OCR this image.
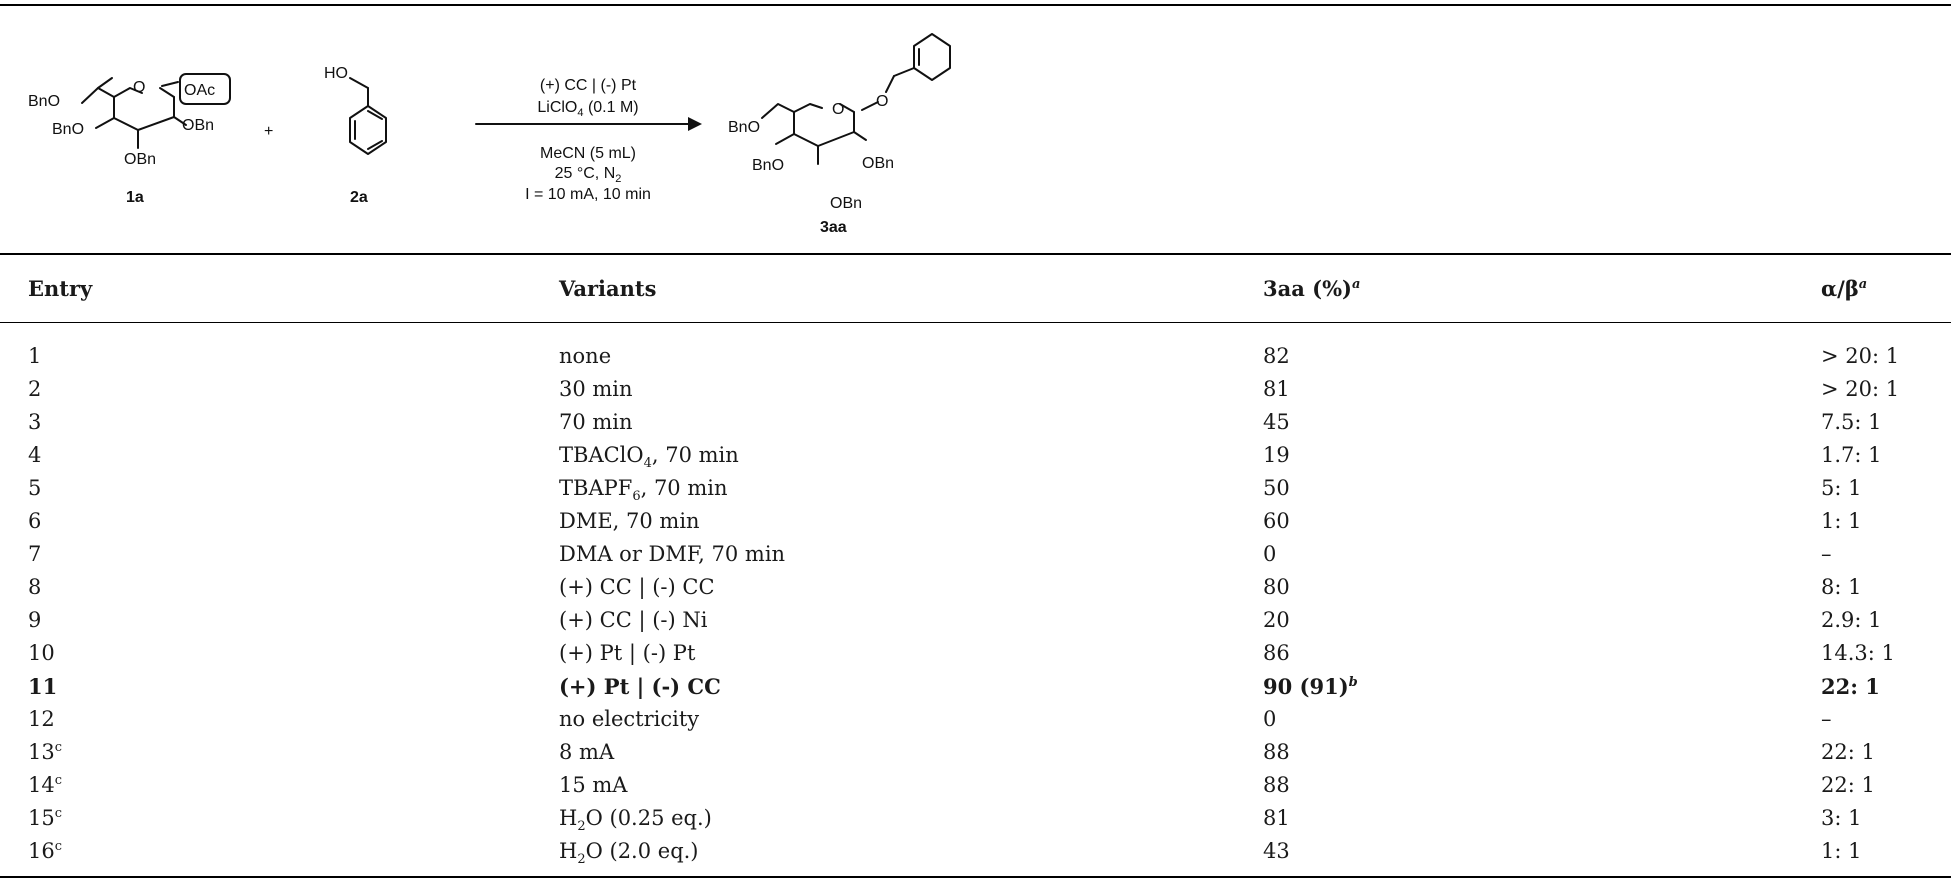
BnO
O OAc
BnO	OBn
OBn
1a
+
HO
2a
(+) CC | (-) Pt
LiClO$_4$ (0.1 M)
MeCN (5 mL)
25 °C, $N_2$
I = 10 mA, 10 min
BnO
O O
BnO	OBn
OBn
3aa
Entry	Variants	3aa (%)$^a$	$\alpha/\beta^a$
1	none	82	> 20: 1
2	30 min	81	> 20: 1
3	70 min	45	7.5: 1
4	TBAClO$_4$, 70 min	19	1.7: 1
5	$TBAPF_6$, 70 min	50	5: 1
6	DME, 70 min	60	1: 1
7	DMA or DMF, 70 min	0	–
8	(+) CC | (-) CC	80	8: 1
9	(+) CC | (-) Ni	20	2.9: 1
10	(+) Pt | (-) Pt	86	14.3: 1
11	(+) Pt | (-) CC	90 (91)$^b$	22: 1
12	no electricity	0	–
13$^c$	8 mA	88	22: 1
14$^c$	15 mA	88	22: 1
15$^c$	$H_2O$ (0.25 eq.)	81	3: 1
16$^c$	$H_2O$ (2.0 eq.)	43	1: 1
